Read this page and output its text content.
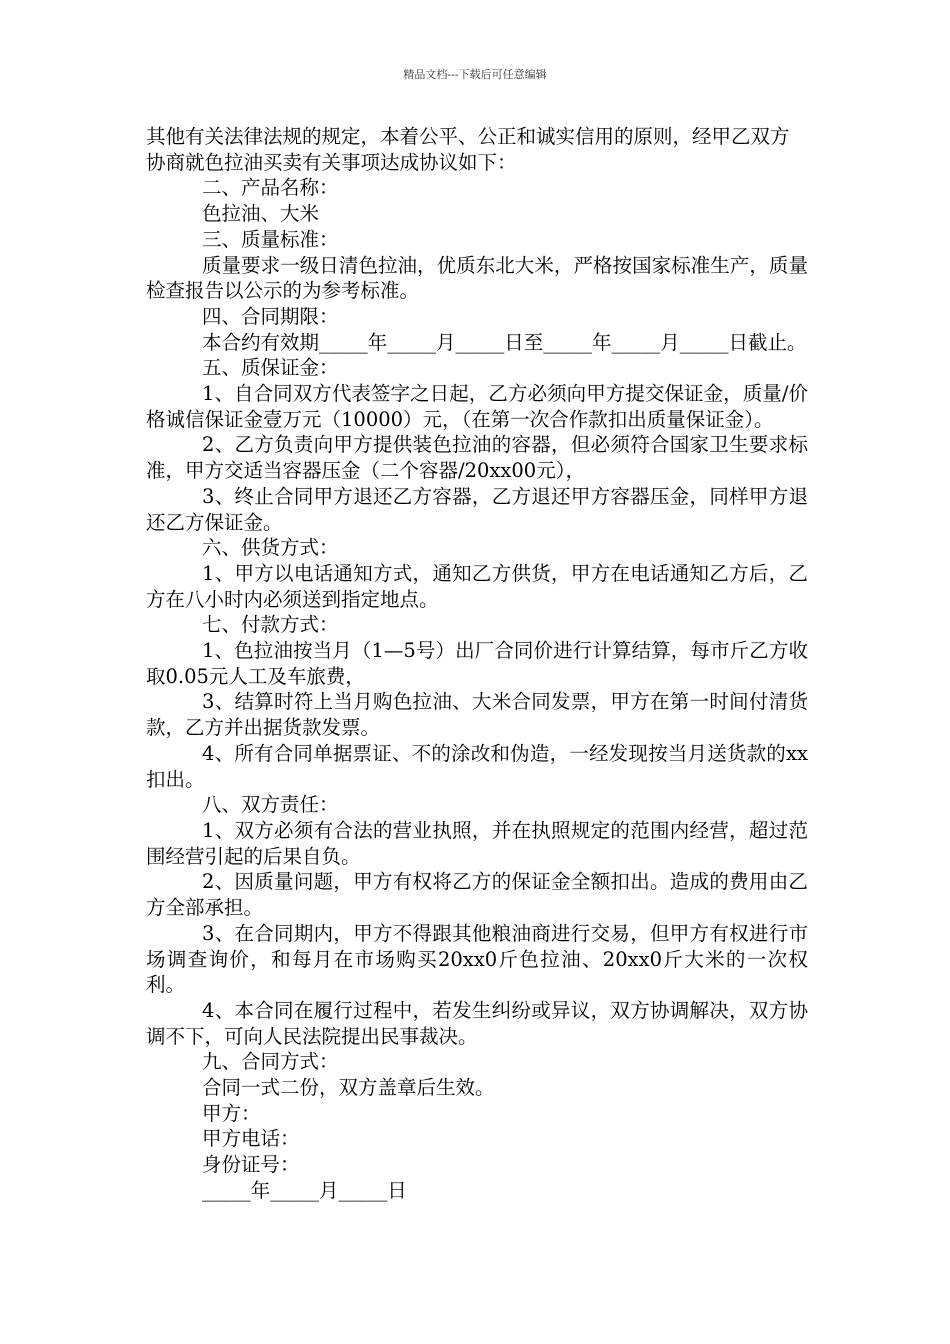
精品文档---下载后可任意编辑

其他有关法律法规的规定，本着公平、公正和诚实信用的原则，经甲乙双方协商就色拉油买卖有关事项达成协议如下：

二、产品名称：

色拉油、大米

三、质量标准：

质量要求一级日清色拉油，优质东北大米，严格按国家标准生产，质量检查报告以公示的为参考标准。

四、合同期限：

本合约有效期_____年_____月_____日至_____年_____月_____日截止。

五、质保证金：

1、自合同双方代表签字之日起，乙方必须向甲方提交保证金，质量/价格诚信保证金壹万元（10000）元，（在第一次合作款扣出质量保证金）。

2、乙方负责向甲方提供装色拉油的容器，但必须符合国家卫生要求标准，甲方交适当容器压金（二个容器/20xx00元），

3、终止合同甲方退还乙方容器，乙方退还甲方容器压金，同样甲方退还乙方保证金。

六、供货方式：

1、甲方以电话通知方式，通知乙方供货，甲方在电话通知乙方后，乙方在八小时内必须送到指定地点。

七、付款方式：

1、色拉油按当月（1—5号）出厂合同价进行计算结算，每市斤乙方收取0.05元人工及车旅费，

3、结算时符上当月购色拉油、大米合同发票，甲方在第一时间付清货款，乙方并出据货款发票。

4、所有合同单据票证、不的涂改和伪造，一经发现按当月送货款的xx扣出。

八、双方责任：

1、双方必须有合法的营业执照，并在执照规定的范围内经营，超过范围经营引起的后果自负。

2、因质量问题，甲方有权将乙方的保证金全额扣出。造成的费用由乙方全部承担。

3、在合同期内，甲方不得跟其他粮油商进行交易，但甲方有权进行市场调查询价，和每月在市场购买20xx0斤色拉油、20xx0斤大米的一次权利。

4、本合同在履行过程中，若发生纠纷或异议，双方协调解决，双方协调不下，可向人民法院提出民事裁决。

九、合同方式：

合同一式二份，双方盖章后生效。

甲方：

甲方电话：

身份证号：

_____年_____月_____日
